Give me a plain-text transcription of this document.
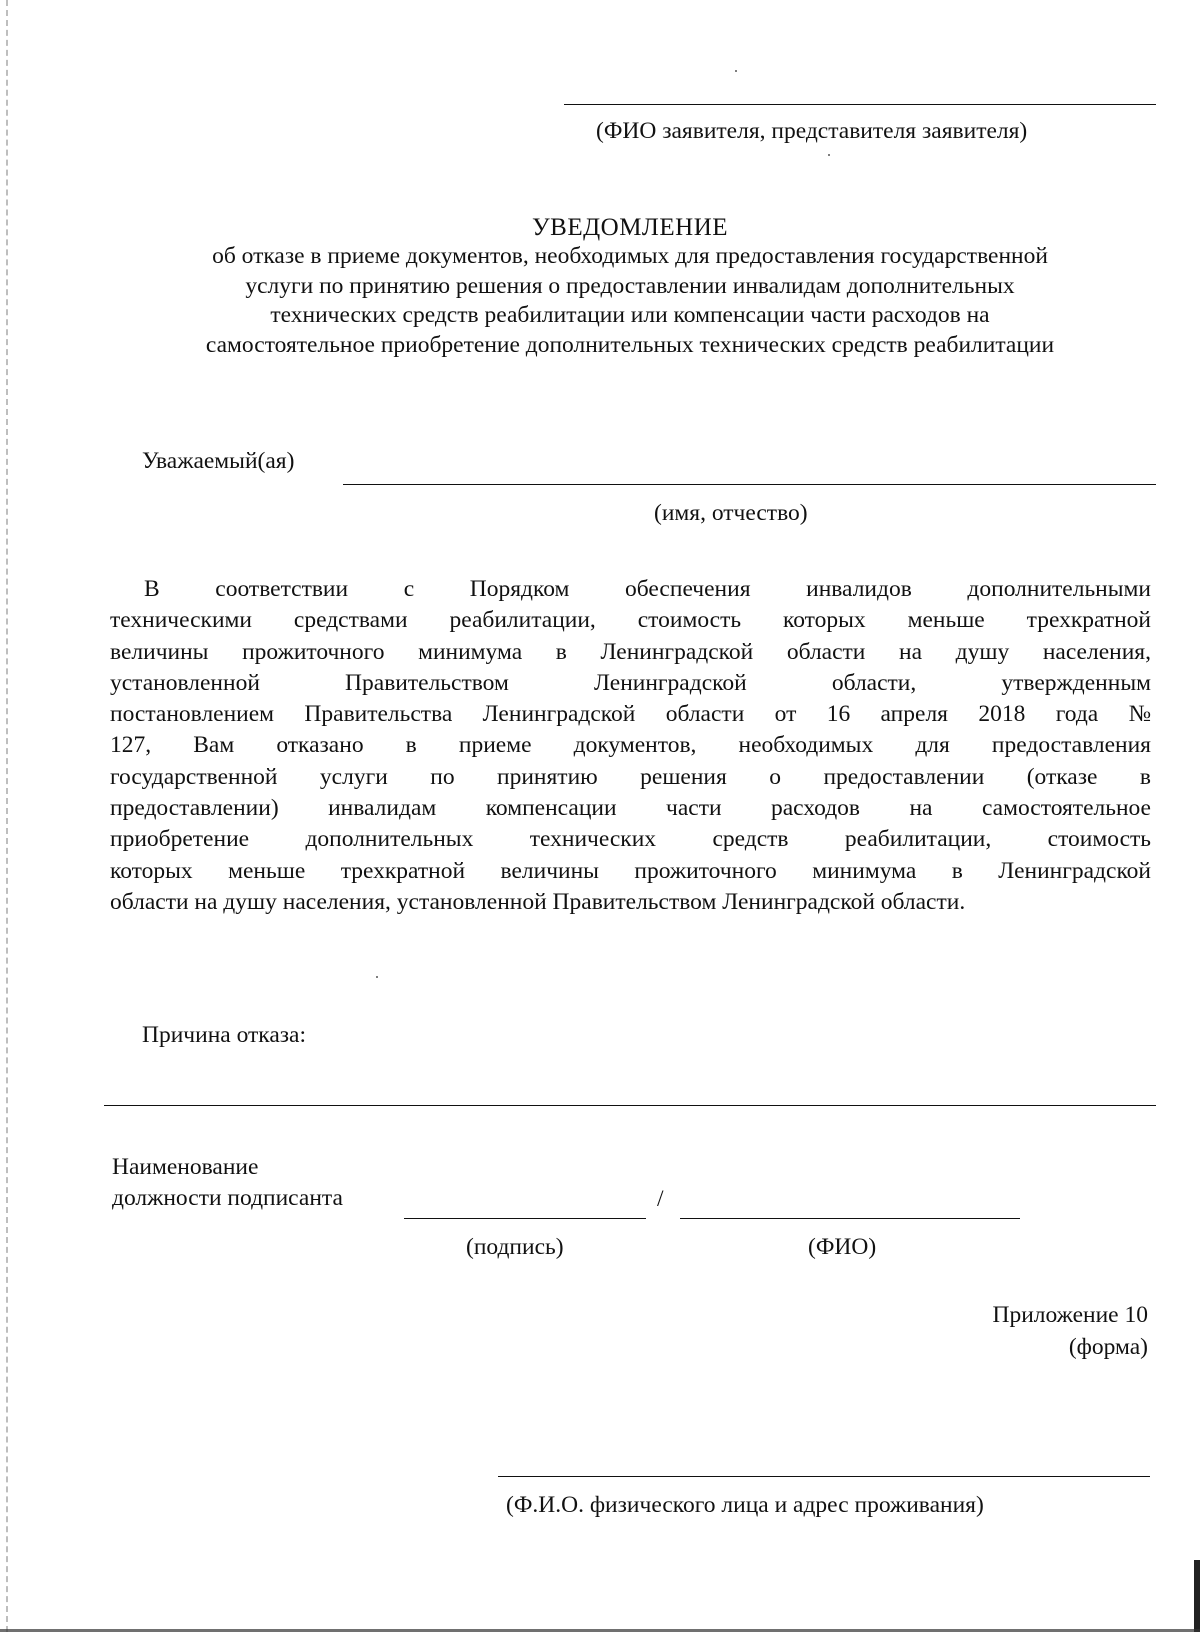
(ФИО заявителя, представителя заявителя)
УВЕДОМЛЕНИЕ
об отказе в приеме документов, необходимых для предоставления государственной
услуги по принятию решения о предоставлении инвалидам дополнительных
технических средств реабилитации или компенсации части расходов на
самостоятельное приобретение дополнительных технических средств реабилитации
Уважаемый(ая)
(имя, отчество)
В соответствии с Порядком обеспечения инвалидов дополнительными
техническими средствами реабилитации, стоимость которых меньше трехкратной
величины прожиточного минимума в Ленинградской области на душу населения,
установленной Правительством Ленинградской области, утвержденным
постановлением Правительства Ленинградской области от 16 апреля 2018 года №
127, Вам отказано в приеме документов, необходимых для предоставления
государственной услуги по принятию решения о предоставлении (отказе в
предоставлении) инвалидам компенсации части расходов на самостоятельное
приобретение дополнительных технических средств реабилитации, стоимость
которых меньше трехкратной величины прожиточного минимума в Ленинградской
области на душу населения, установленной Правительством Ленинградской области.
Причина отказа:
Наименование
должности подписанта	/
(подпись)	(ФИО)
Приложение 10
(форма)
(Ф.И.О. физического лица и адрес проживания)
